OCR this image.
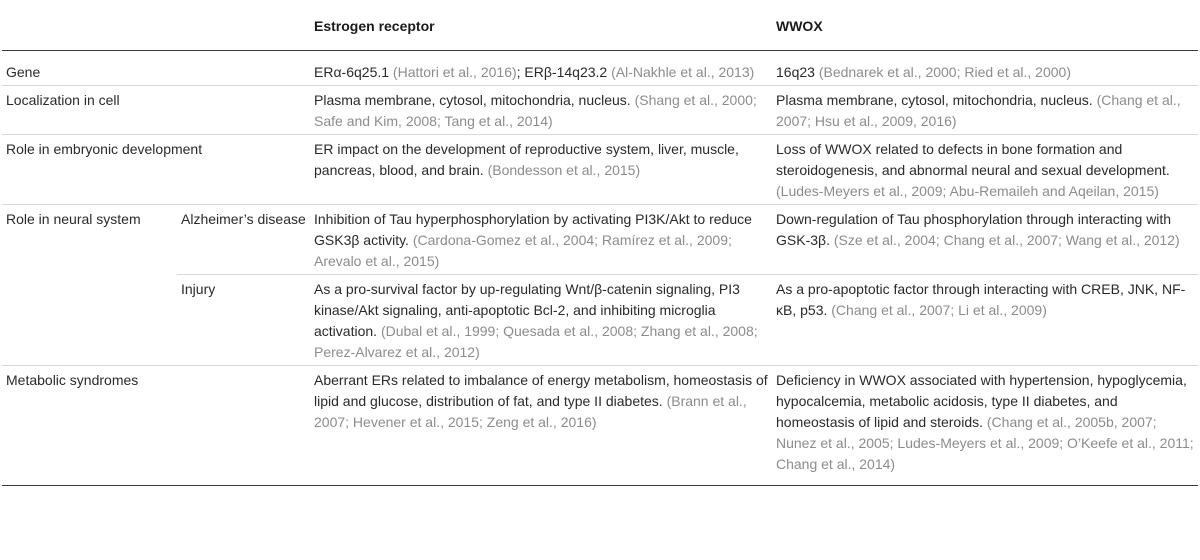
		Estrogen receptor	WWOX
Gene		ERα-6q25.1 (Hattori et al., 2016); ERβ-14q23.2 (Al-Nakhle et al., 2013)	16q23 (Bednarek et al., 2000; Ried et al., 2000)
Localization in cell		Plasma membrane, cytosol, mitochondria, nucleus. (Shang et al., 2000; Safe and Kim, 2008; Tang et al., 2014)	Plasma membrane, cytosol, mitochondria, nucleus. (Chang et al., 2007; Hsu et al., 2009, 2016)
Role in embryonic development		ER impact on the development of reproductive system, liver, muscle, pancreas, blood, and brain. (Bondesson et al., 2015)	Loss of WWOX related to defects in bone formation and steroidogenesis, and abnormal neural and sexual development. (Ludes-Meyers et al., 2009; Abu-Remaileh and Aqeilan, 2015)
Role in neural system	Alzheimer’s disease	Inhibition of Tau hyperphosphorylation by activating PI3K/Akt to reduce GSK3β activity. (Cardona-Gomez et al., 2004; Ramírez et al., 2009; Arevalo et al., 2015)	Down-regulation of Tau phosphorylation through interacting with GSK-3β. (Sze et al., 2004; Chang et al., 2007; Wang et al., 2012)
	Injury	As a pro-survival factor by up-regulating Wnt/β-catenin signaling, PI3 kinase/Akt signaling, anti-apoptotic Bcl-2, and inhibiting microglia activation. (Dubal et al., 1999; Quesada et al., 2008; Zhang et al., 2008; Perez-Alvarez et al., 2012)	As a pro-apoptotic factor through interacting with CREB, JNK, NF-κB, p53. (Chang et al., 2007; Li et al., 2009)
Metabolic syndromes		Aberrant ERs related to imbalance of energy metabolism, homeostasis of lipid and glucose, distribution of fat, and type II diabetes. (Brann et al., 2007; Hevener et al., 2015; Zeng et al., 2016)	Deficiency in WWOX associated with hypertension, hypoglycemia, hypocalcemia, metabolic acidosis, type II diabetes, and homeostasis of lipid and steroids. (Chang et al., 2005b, 2007; Nunez et al., 2005; Ludes-Meyers et al., 2009; O’Keefe et al., 2011; Chang et al., 2014)
